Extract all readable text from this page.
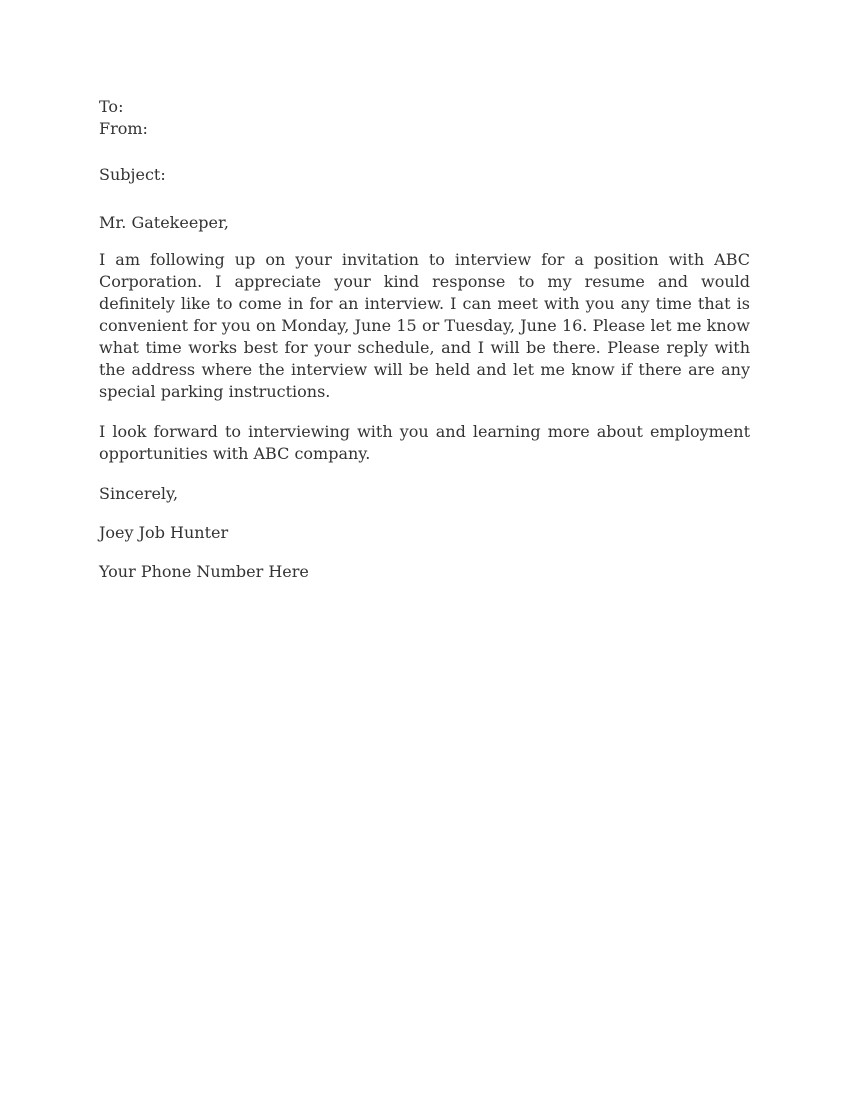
To:
From:
Subject:
Mr. Gatekeeper,

I am following up on your invitation to interview for a position with ABC Corporation. I appreciate your kind response to my resume and would definitely like to come in for an interview. I can meet with you any time that is convenient for you on Monday, June 15 or Tuesday, June 16. Please let me know what time works best for your schedule, and I will be there. Please reply with the address where the interview will be held and let me know if there are any special parking instructions.

I look forward to interviewing with you and learning more about employment opportunities with ABC company.

Sincerely,
Joey Job Hunter
Your Phone Number Here
